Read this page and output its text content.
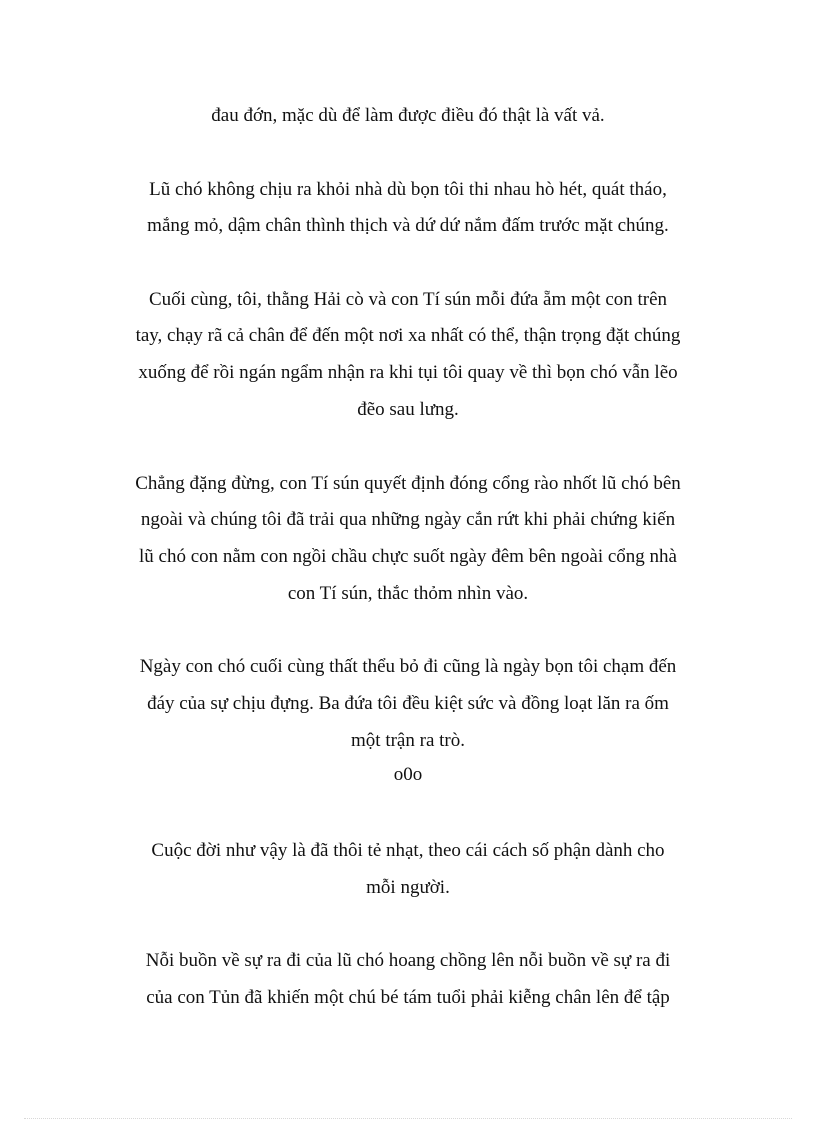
đau đớn, mặc dù để làm được điều đó thật là vất vả.
Lũ chó không chịu ra khỏi nhà dù bọn tôi thi nhau hò hét, quát tháo,
mắng mỏ, dậm chân thình thịch và dứ dứ nắm đấm trước mặt chúng.
Cuối cùng, tôi, thằng Hải cò và con Tí sún mỗi đứa ẵm một con trên
tay, chạy rã cả chân để đến một nơi xa nhất có thể, thận trọng đặt chúng
xuống để rồi ngán ngẩm nhận ra khi tụi tôi quay về thì bọn chó vẫn lẽo
đẽo sau lưng.
Chẳng đặng đừng, con Tí sún quyết định đóng cổng rào nhốt lũ chó bên
ngoài và chúng tôi đã trải qua những ngày cắn rứt khi phải chứng kiến
lũ chó con nằm con ngồi chầu chực suốt ngày đêm bên ngoài cổng nhà
con Tí sún, thắc thỏm nhìn vào.
Ngày con chó cuối cùng thất thểu bỏ đi cũng là ngày bọn tôi chạm đến
đáy của sự chịu đựng. Ba đứa tôi đều kiệt sức và đồng loạt lăn ra ốm
một trận ra trò.
o0o
Cuộc đời như vậy là đã thôi tẻ nhạt, theo cái cách số phận dành cho
mỗi người.
Nỗi buồn về sự ra đi của lũ chó hoang chồng lên nỗi buồn về sự ra đi
của con Tủn đã khiến một chú bé tám tuổi phải kiễng chân lên để tập
